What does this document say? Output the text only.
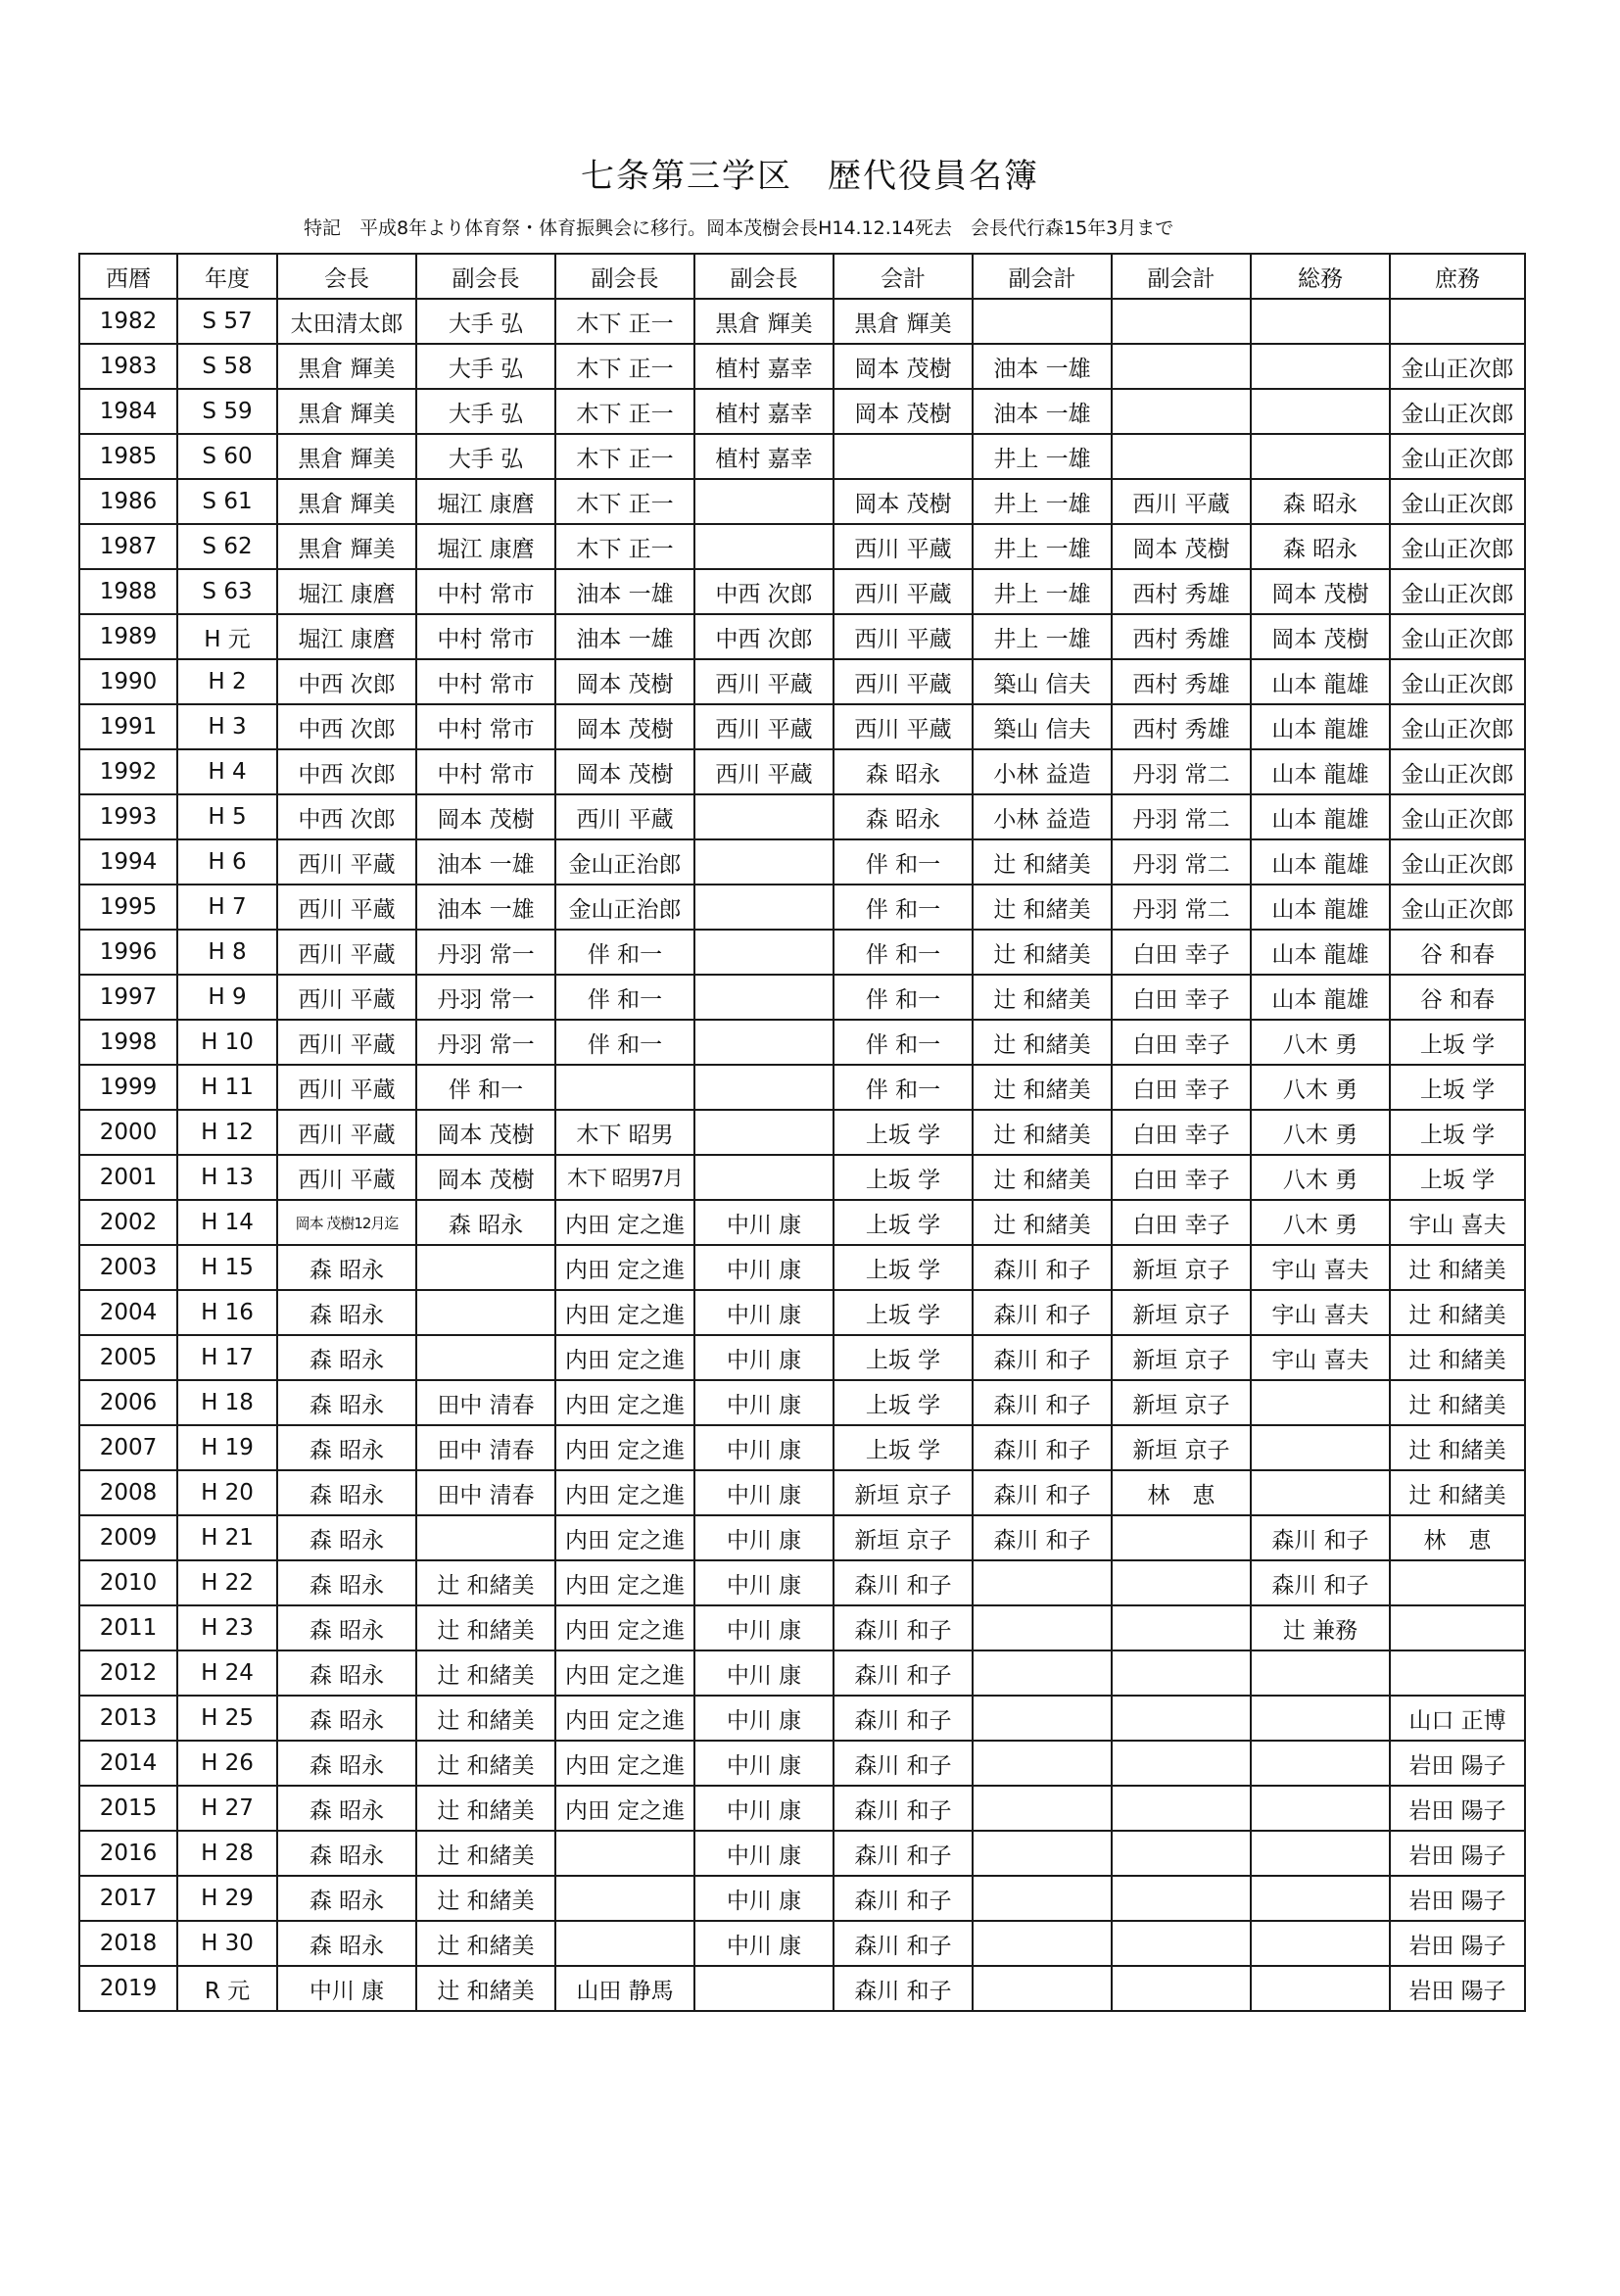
七条第三学区　歴代役員名簿
特記　平成8年より体育祭・体育振興会に移行。岡本茂樹会長H14.12.14死去　会長代行森15年3月まで
西暦	年度	会長	副会長	副会長	副会長	会計	副会計	副会計	総務	庶務
1982	S 57	太田清太郎	大手 弘	木下 正一	黒倉 輝美	黒倉 輝美				
1983	S 58	黒倉 輝美	大手 弘	木下 正一	植村 嘉幸	岡本 茂樹	油本 一雄			金山正次郎
1984	S 59	黒倉 輝美	大手 弘	木下 正一	植村 嘉幸	岡本 茂樹	油本 一雄			金山正次郎
1985	S 60	黒倉 輝美	大手 弘	木下 正一	植村 嘉幸		井上 一雄			金山正次郎
1986	S 61	黒倉 輝美	堀江 康麿	木下 正一		岡本 茂樹	井上 一雄	西川 平蔵	森 昭永	金山正次郎
1987	S 62	黒倉 輝美	堀江 康麿	木下 正一		西川 平蔵	井上 一雄	岡本 茂樹	森 昭永	金山正次郎
1988	S 63	堀江 康麿	中村 常市	油本 一雄	中西 次郎	西川 平蔵	井上 一雄	西村 秀雄	岡本 茂樹	金山正次郎
1989	H 元	堀江 康麿	中村 常市	油本 一雄	中西 次郎	西川 平蔵	井上 一雄	西村 秀雄	岡本 茂樹	金山正次郎
1990	H 2	中西 次郎	中村 常市	岡本 茂樹	西川 平蔵	西川 平蔵	築山 信夫	西村 秀雄	山本 龍雄	金山正次郎
1991	H 3	中西 次郎	中村 常市	岡本 茂樹	西川 平蔵	西川 平蔵	築山 信夫	西村 秀雄	山本 龍雄	金山正次郎
1992	H 4	中西 次郎	中村 常市	岡本 茂樹	西川 平蔵	森 昭永	小林 益造	丹羽 常二	山本 龍雄	金山正次郎
1993	H 5	中西 次郎	岡本 茂樹	西川 平蔵		森 昭永	小林 益造	丹羽 常二	山本 龍雄	金山正次郎
1994	H 6	西川 平蔵	油本 一雄	金山正治郎		伴 和一	辻 和緒美	丹羽 常二	山本 龍雄	金山正次郎
1995	H 7	西川 平蔵	油本 一雄	金山正治郎		伴 和一	辻 和緒美	丹羽 常二	山本 龍雄	金山正次郎
1996	H 8	西川 平蔵	丹羽 常一	伴 和一		伴 和一	辻 和緒美	白田 幸子	山本 龍雄	谷 和春
1997	H 9	西川 平蔵	丹羽 常一	伴 和一		伴 和一	辻 和緒美	白田 幸子	山本 龍雄	谷 和春
1998	H 10	西川 平蔵	丹羽 常一	伴 和一		伴 和一	辻 和緒美	白田 幸子	八木 勇	上坂 学
1999	H 11	西川 平蔵	伴 和一			伴 和一	辻 和緒美	白田 幸子	八木 勇	上坂 学
2000	H 12	西川 平蔵	岡本 茂樹	木下 昭男		上坂 学	辻 和緒美	白田 幸子	八木 勇	上坂 学
2001	H 13	西川 平蔵	岡本 茂樹	木下 昭男7月		上坂 学	辻 和緒美	白田 幸子	八木 勇	上坂 学
2002	H 14	岡本 茂樹12月迄	森 昭永	内田 定之進	中川 康	上坂 学	辻 和緒美	白田 幸子	八木 勇	宇山 喜夫
2003	H 15	森 昭永		内田 定之進	中川 康	上坂 学	森川 和子	新垣 京子	宇山 喜夫	辻 和緒美
2004	H 16	森 昭永		内田 定之進	中川 康	上坂 学	森川 和子	新垣 京子	宇山 喜夫	辻 和緒美
2005	H 17	森 昭永		内田 定之進	中川 康	上坂 学	森川 和子	新垣 京子	宇山 喜夫	辻 和緒美
2006	H 18	森 昭永	田中 清春	内田 定之進	中川 康	上坂 学	森川 和子	新垣 京子		辻 和緒美
2007	H 19	森 昭永	田中 清春	内田 定之進	中川 康	上坂 学	森川 和子	新垣 京子		辻 和緒美
2008	H 20	森 昭永	田中 清春	内田 定之進	中川 康	新垣 京子	森川 和子	林　恵		辻 和緒美
2009	H 21	森 昭永		内田 定之進	中川 康	新垣 京子	森川 和子		森川 和子	林　恵
2010	H 22	森 昭永	辻 和緒美	内田 定之進	中川 康	森川 和子			森川 和子	
2011	H 23	森 昭永	辻 和緒美	内田 定之進	中川 康	森川 和子			辻 兼務	
2012	H 24	森 昭永	辻 和緒美	内田 定之進	中川 康	森川 和子				
2013	H 25	森 昭永	辻 和緒美	内田 定之進	中川 康	森川 和子				山口 正博
2014	H 26	森 昭永	辻 和緒美	内田 定之進	中川 康	森川 和子				岩田 陽子
2015	H 27	森 昭永	辻 和緒美	内田 定之進	中川 康	森川 和子				岩田 陽子
2016	H 28	森 昭永	辻 和緒美		中川 康	森川 和子				岩田 陽子
2017	H 29	森 昭永	辻 和緒美		中川 康	森川 和子				岩田 陽子
2018	H 30	森 昭永	辻 和緒美		中川 康	森川 和子				岩田 陽子
2019	R 元	中川 康	辻 和緒美	山田 静馬		森川 和子				岩田 陽子
